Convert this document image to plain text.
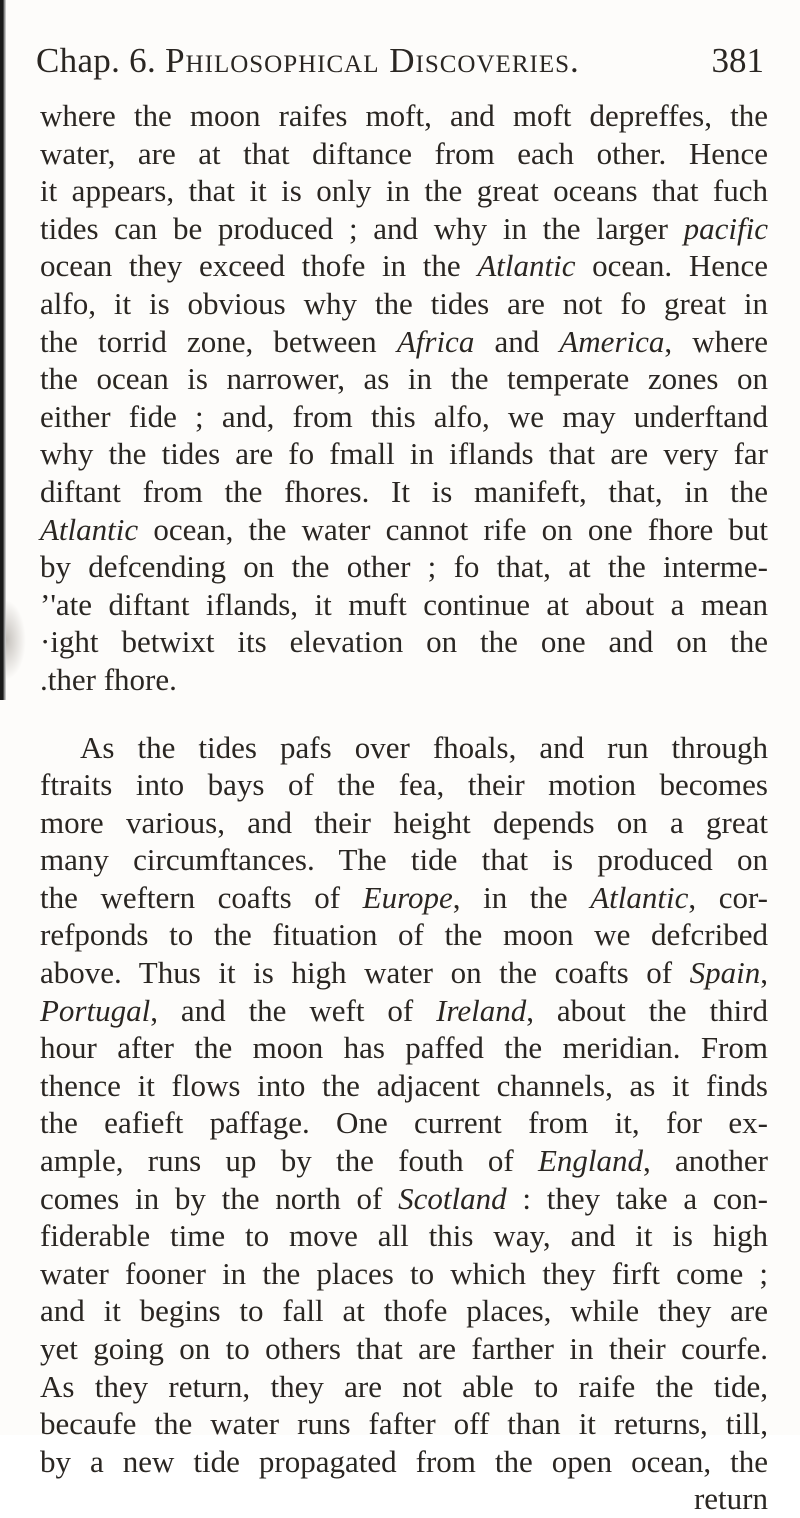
Chap. 6. Philosophical Discoveries.	381
where the moon raifes moft, and moft depreffes, the
water, are at that diftance from each other. Hence
it appears, that it is only in the great oceans that fuch
tides can be produced ; and why in the larger pacific
ocean they exceed thofe in the Atlantic ocean. Hence
alfo, it is obvious why the tides are not fo great in
the torrid zone, between Africa and America, where
the ocean is narrower, as in the temperate zones on
either fide ; and, from this alfo, we may underftand
why the tides are fo fmall in iflands that are very far
diftant from the fhores. It is manifeft, that, in the
Atlantic ocean, the water cannot rife on one fhore but
by defcending on the other ; fo that, at the interme-
’'ate diftant iflands, it muft continue at about a mean
·ight betwixt its elevation on the one and on the
.ther fhore.
As the tides pafs over fhoals, and run through
ftraits into bays of the fea, their motion becomes
more various, and their height depends on a great
many circumftances. The tide that is produced on
the weftern coafts of Europe, in the Atlantic, cor-
refponds to the fituation of the moon we defcribed
above. Thus it is high water on the coafts of Spain,
Portugal, and the weft of Ireland, about the third
hour after the moon has paffed the meridian. From
thence it flows into the adjacent channels, as it finds
the eafieft paffage. One current from it, for ex-
ample, runs up by the fouth of England, another
comes in by the north of Scotland : they take a con-
fiderable time to move all this way, and it is high
water fooner in the places to which they firft come ;
and it begins to fall at thofe places, while they are
yet going on to others that are farther in their courfe.
As they return, they are not able to raife the tide,
becaufe the water runs fafter off than it returns, till,
by a new tide propagated from the open ocean, the
return
